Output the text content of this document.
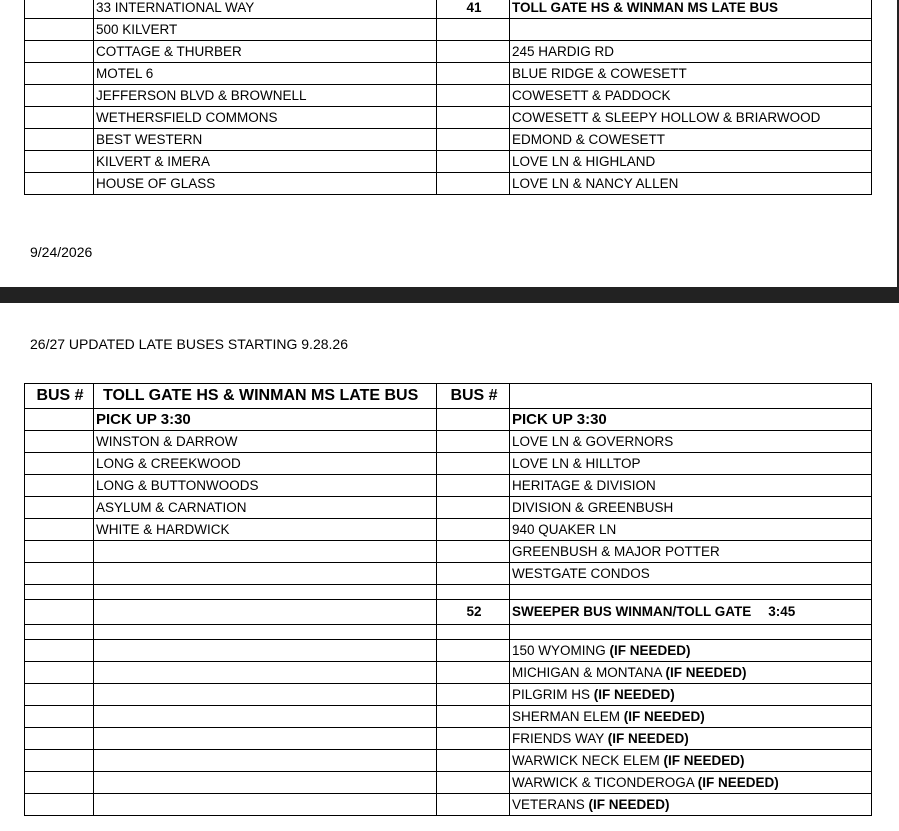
	33 INTERNATIONAL WAY	41	TOLL GATE HS & WINMAN MS LATE BUS
	500 KILVERT		
	COTTAGE & THURBER		245 HARDIG RD
	MOTEL 6		BLUE RIDGE & COWESETT
	JEFFERSON BLVD & BROWNELL		COWESETT & PADDOCK
	WETHERSFIELD COMMONS		COWESETT & SLEEPY HOLLOW & BRIARWOOD
	BEST WESTERN		EDMOND & COWESETT
	KILVERT & IMERA		LOVE LN & HIGHLAND
	HOUSE OF GLASS		LOVE LN & NANCY ALLEN
9/24/2026
26/27 UPDATED LATE BUSES STARTING 9.28.26
BUS #	TOLL GATE HS & WINMAN MS LATE BUS	BUS #	
	PICK UP 3:30		PICK UP 3:30
	WINSTON & DARROW		LOVE LN & GOVERNORS
	LONG & CREEKWOOD		LOVE LN & HILLTOP
	LONG & BUTTONWOODS		HERITAGE & DIVISION
	ASYLUM & CARNATION		DIVISION & GREENBUSH
	WHITE & HARDWICK		940 QUAKER LN
			GREENBUSH & MAJOR POTTER
			WESTGATE CONDOS

		52	SWEEPER BUS WINMAN/TOLL GATE 3:45

			150 WYOMING (IF NEEDED)
			MICHIGAN & MONTANA (IF NEEDED)
			PILGRIM HS (IF NEEDED)
			SHERMAN ELEM (IF NEEDED)
			FRIENDS WAY (IF NEEDED)
			WARWICK NECK ELEM (IF NEEDED)
			WARWICK & TICONDEROGA (IF NEEDED)
			VETERANS (IF NEEDED)
